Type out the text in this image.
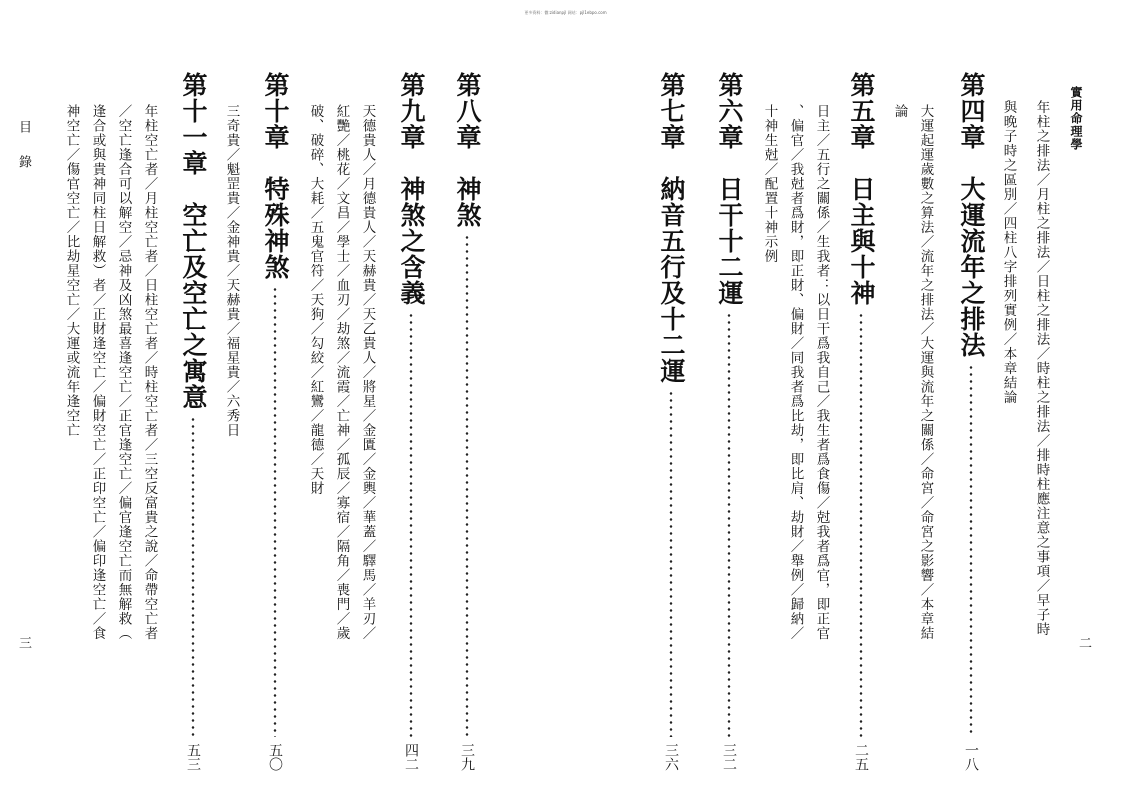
更多资料：微:zidianpjl 网站：pjl1ebpo.com
實用命理學
二
年柱之排法／月柱之排法／日柱之排法／時柱之排法／排時柱應注意之事項／早子時
與晚子時之區別／四柱八字排列實例／本章結論
第四章　大運流年之排法
一八
大運起運歲數之算法／流年之排法／大運與流年之關係／命宮／命宮之影響／本章結
論
第五章　日主與十神
二五
日主／五行之關係／生我者：以日干爲我自己／我生者爲食傷／尅我者爲官，即正官
、偏官／我尅者爲財，即正財、偏財／同我者爲比劫，即比肩、劫財／舉例／歸納／
十神生尅／配置十神示例
第六章　日干十二運
三二
第七章　納音五行及十二運
三六
目錄
三
第八章　神煞
三九
第九章　神煞之含義
四二
天德貴人／月德貴人／天赫貴／天乙貴人／將星／金匱／金輿／華蓋／驛馬／羊刃／
紅艷／桃花／文昌／學士／血刃／劫煞／流霞／亡神／孤辰／寡宿／隔角／喪門／歲
破、破碎、大耗／五鬼官符／天狗／勾絞／紅鸞／龍德／天財
第十章　特殊神煞
五〇
三奇貴／魁罡貴／金神貴／天赫貴／福星貴／六秀日
第十一章　空亡及空亡之寓意
五三
年柱空亡者／月柱空亡者／日柱空亡者／時柱空亡者／三空反富貴之說／命帶空亡者
／空亡逢合可以解空／忌神及凶煞最喜逢空亡／正官逢空亡／偏官逢空亡而無解救（
逢合或與貴神同柱日解救）者／正財逢空亡／偏財空亡／正印空亡／偏印逢空亡／食
神空亡／傷官空亡／比劫星空亡／大運或流年逢空亡
